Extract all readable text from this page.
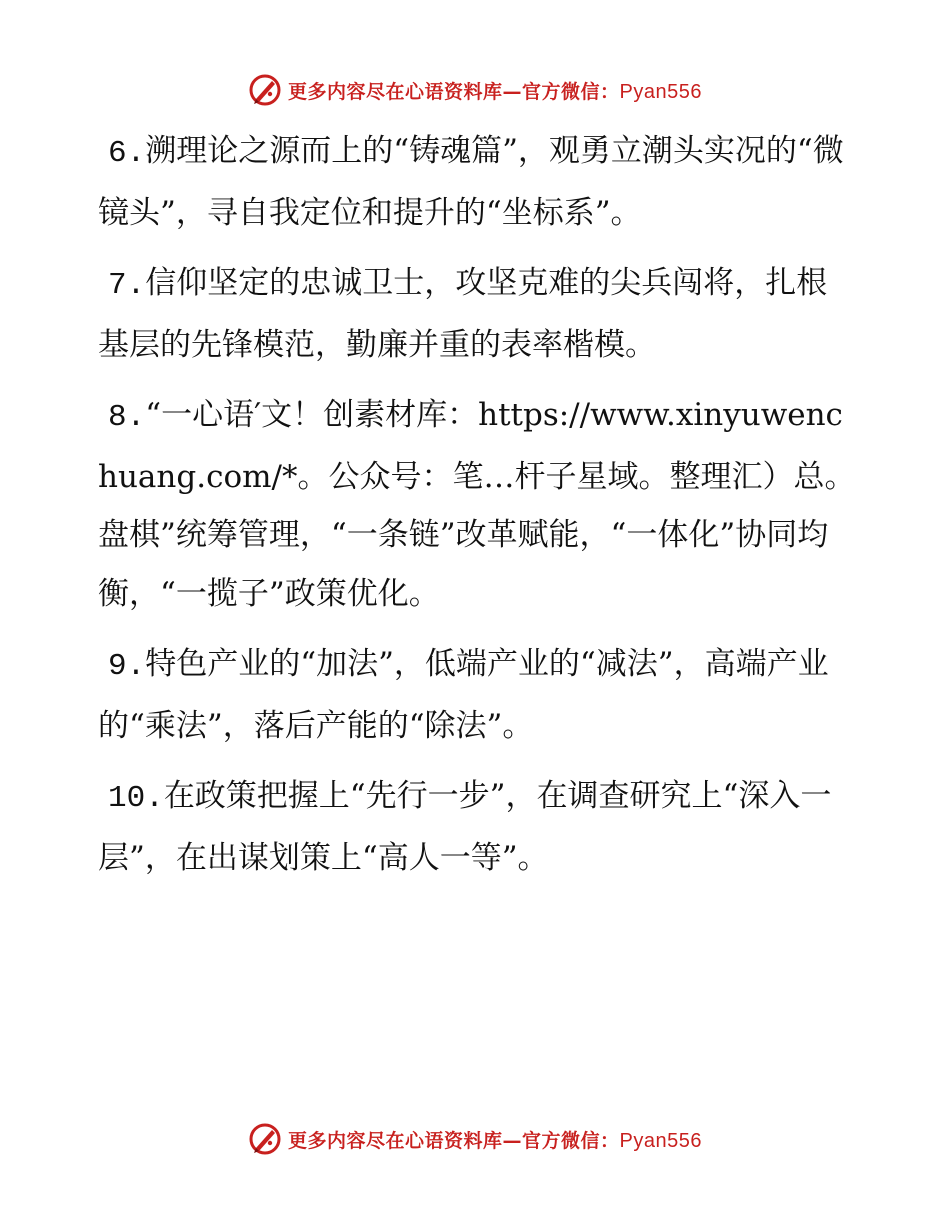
更多内容尽在心语资料库—官方微信：Pyan556

6.溯理论之源而上的“铸魂篇”，观勇立潮头实况的“微镜头”，寻自我定位和提升的“坐标系”。

7.信仰坚定的忠诚卫士，攻坚克难的尖兵闯将，扎根基层的先锋模范，勤廉并重的表率楷模。

8.“一心语′文！创素材库：https://www.xinyuwenchuang.com/*。公众号：笔…杆子星域。整理汇）总。盘棋”统筹管理，“一条链”改革赋能，“一体化”协同均衡，“一揽子”政策优化。

9.特色产业的“加法”，低端产业的“减法”，高端产业的“乘法”，落后产能的“除法”。

10.在政策把握上“先行一步”，在调查研究上“深入一层”，在出谋划策上“高人一等”。

更多内容尽在心语资料库—官方微信：Pyan556
